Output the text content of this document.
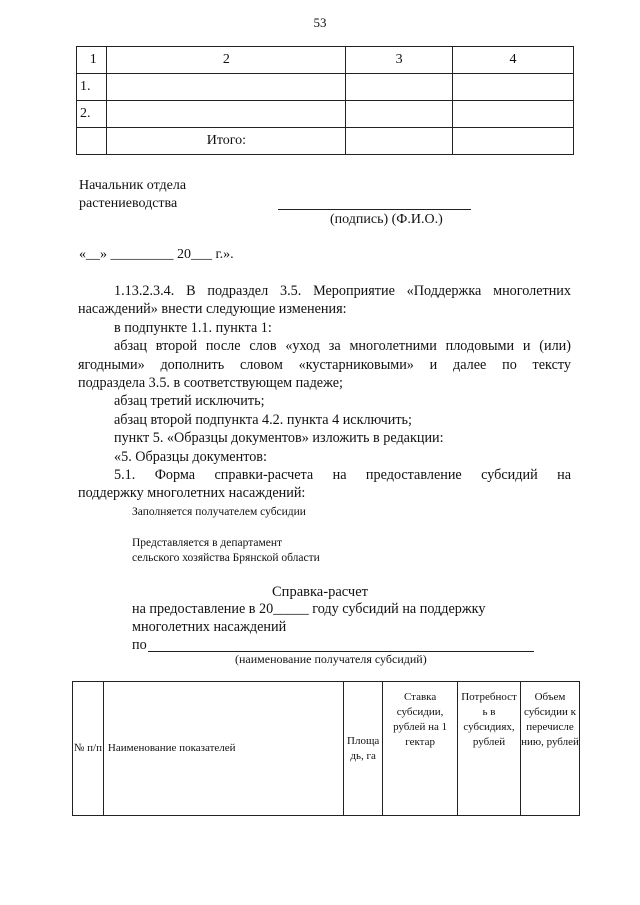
53
1	2	3	4
1.			
2.			
	Итого:		
Начальник отдела
растениеводства
(подпись) (Ф.И.О.)
«__» _________ 20___ г.».

1.13.2.3.4. В подраздел 3.5. Мероприятие «Поддержка многолетних

насаждений» внести следующие изменения:

в подпункте 1.1. пункта 1:

абзац второй после слов «уход за многолетними плодовыми и (или)

ягодными» дополнить словом «кустарниковыми» и далее по тексту

подраздела 3.5. в соответствующем падеже;

абзац третий исключить;

абзац второй подпункта 4.2. пункта 4 исключить;

пункт 5. «Образцы документов» изложить в редакции:

«5. Образцы документов:

5.1. Форма справки-расчета на предоставление субсидий на

поддержку многолетних насаждений:

Заполняется получателем субсидии
Представляется в департамент
сельского хозяйства Брянской области
Справка-расчет
на предоставление в 20_____ году субсидий на поддержку
многолетних насаждений
по
(наименование получателя субсидий)
№ п/п	Наименование показателей	Площа дь, га	Ставка субсидии, рублей на 1 гектар	Потребност ь в субсидиях, рублей	Объем субсидии к перечисле нию, рублей
